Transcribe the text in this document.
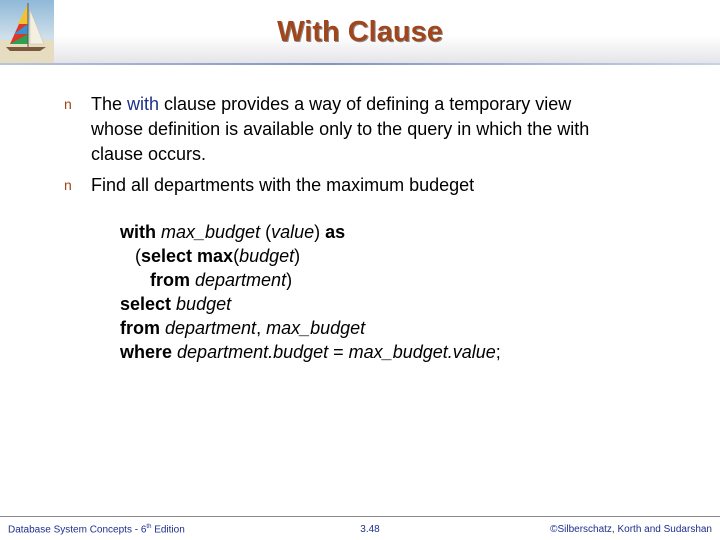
With Clause
n The with clause provides a way of defining a temporary view
whose definition is available only to the query in which the with
clause occurs.
n Find all departments with the maximum budeget
with max_budget (value) as
(select max(budget)
from department)
select budget
from department, max_budget
where department.budget = max_budget.value;
Database System Concepts - 6th Edition	3.48	©Silberschatz, Korth and Sudarshan
